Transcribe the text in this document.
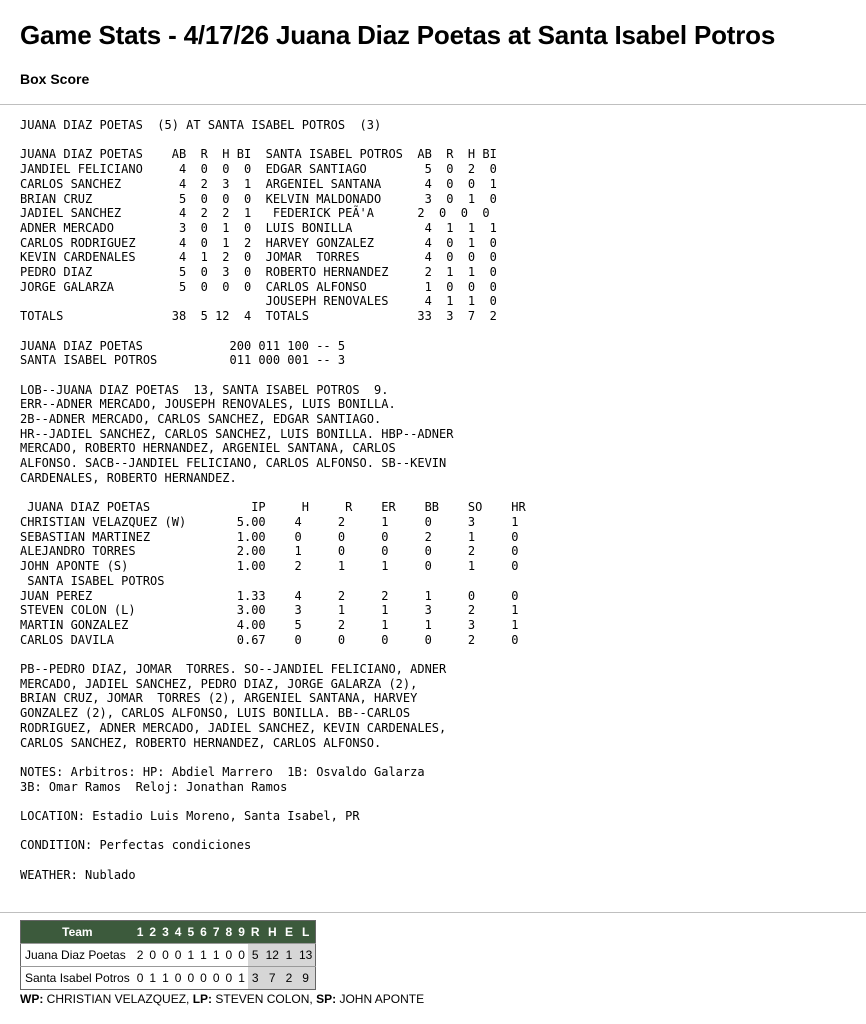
Game Stats - 4/17/26 Juana Diaz Poetas at Santa Isabel Potros
Box Score
JUANA DIAZ POETAS  (5) AT SANTA ISABEL POTROS  (3)

JUANA DIAZ POETAS    AB  R  H BI  SANTA ISABEL POTROS  AB  R  H BI
JANDIEL FELICIANO     4  0  0  0  EDGAR SANTIAGO        5  0  2  0
CARLOS SANCHEZ        4  2  3  1  ARGENIEL SANTANA      4  0  0  1
BRIAN CRUZ            5  0  0  0  KELVIN MALDONADO      3  0  1  0
JADIEL SANCHEZ        4  2  2  1   FEDERICK PEÃ'A      2  0  0  0
ADNER MERCADO         3  0  1  0  LUIS BONILLA          4  1  1  1
CARLOS RODRIGUEZ      4  0  1  2  HARVEY GONZALEZ       4  0  1  0
KEVIN CARDENALES      4  1  2  0  JOMAR  TORRES         4  0  0  0
PEDRO DIAZ            5  0  3  0  ROBERTO HERNANDEZ     2  1  1  0
JORGE GALARZA         5  0  0  0  CARLOS ALFONSO        1  0  0  0
JOUSEPH RENOVALES     4  1  1  0
TOTALS               38  5 12  4  TOTALS               33  3  7  2

JUANA DIAZ POETAS            200 011 100 -- 5
SANTA ISABEL POTROS          011 000 001 -- 3

LOB--JUANA DIAZ POETAS  13, SANTA ISABEL POTROS  9.
ERR--ADNER MERCADO, JOUSEPH RENOVALES, LUIS BONILLA.
2B--ADNER MERCADO, CARLOS SANCHEZ, EDGAR SANTIAGO.
HR--JADIEL SANCHEZ, CARLOS SANCHEZ, LUIS BONILLA. HBP--ADNER
MERCADO, ROBERTO HERNANDEZ, ARGENIEL SANTANA, CARLOS
ALFONSO. SACB--JANDIEL FELICIANO, CARLOS ALFONSO. SB--KEVIN
CARDENALES, ROBERTO HERNANDEZ.

JUANA DIAZ POETAS              IP     H     R    ER    BB    SO    HR
CHRISTIAN VELAZQUEZ (W)       5.00    4     2     1     0     3     1
SEBASTIAN MARTINEZ            1.00    0     0     0     2     1     0
ALEJANDRO TORRES              2.00    1     0     0     0     2     0
JOHN APONTE (S)               1.00    2     1     1     0     1     0
SANTA ISABEL POTROS
JUAN PEREZ                    1.33    4     2     2     1     0     0
STEVEN COLON (L)              3.00    3     1     1     3     2     1
MARTIN GONZALEZ               4.00    5     2     1     1     3     1
CARLOS DAVILA                 0.67    0     0     0     0     2     0

PB--PEDRO DIAZ, JOMAR  TORRES. SO--JANDIEL FELICIANO, ADNER
MERCADO, JADIEL SANCHEZ, PEDRO DIAZ, JORGE GALARZA (2),
BRIAN CRUZ, JOMAR  TORRES (2), ARGENIEL SANTANA, HARVEY
GONZALEZ (2), CARLOS ALFONSO, LUIS BONILLA. BB--CARLOS
RODRIGUEZ, ADNER MERCADO, JADIEL SANCHEZ, KEVIN CARDENALES,
CARLOS SANCHEZ, ROBERTO HERNANDEZ, CARLOS ALFONSO.

NOTES: Arbitros: HP: Abdiel Marrero  1B: Osvaldo Galarza
3B: Omar Ramos  Reloj: Jonathan Ramos

LOCATION: Estadio Luis Moreno, Santa Isabel, PR

CONDITION: Perfectas condiciones

WEATHER: Nublado

Team	1	2	3	4	5	6	7	8	9	R	H	E	L
Juana Diaz Poetas	2	0	0	0	1	1	1	0	0	5	12	1	13
Santa Isabel Potros	0	1	1	0	0	0	0	0	1	3	7	2	9
WP: CHRISTIAN VELAZQUEZ, LP: STEVEN COLON, SP: JOHN APONTE
